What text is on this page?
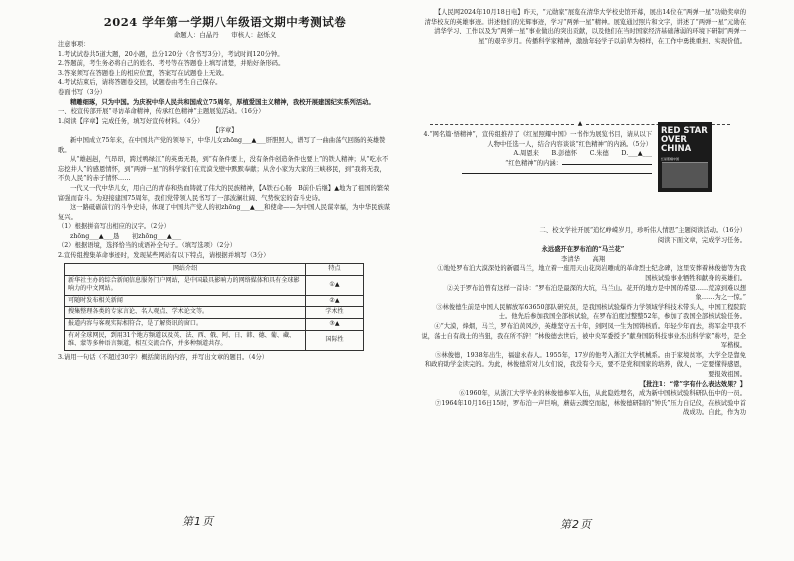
2024 学年第一学期八年级语文期中考测试卷
命题人：白晶丹　　审核人：赵烁义
注意事项：
1.考试试卷共5道大题，20小题，总分120分（含书写3分），考试时间120分钟。
2.答题前，考生务必将自己的姓名、考号等在答题卷上填写清楚，并贴好条形码。
3.答案须写在答题卷上的相应位置，答案写在试题卷上无效。
4.考试结束后，请将答题卷交回，试题卷由考生自己保存。
卷面书写（3分）
精雕细琢，只为中国。为庆祝中华人民共和国成立75周年，厚植爱国主义精神，我校开展建国纪实系列活动。
一、校宣传部开展“寻访革命精神，传承红色精神”主题展览活动。（16分）
1.阅读【序章】完成任务，填写好宣传材料。（4分）
【序章】
新中国成立75年来，在中国共产党的领导下，中华儿女zhōng___▲___肝胆照人，谱写了一曲曲荡气回肠的英雄赞歌。
从“雄赳赳，气昂昂，跨过鸭绿江”的英勇无畏，到“有条件要上，没有条件创造条件也要上”的铁人精神；从“吃水不忘挖井人”的感恩情怀，到“两弹一星”的科学家们在荒漠戈壁中默默奉献；从舍小家为大家的三峡移民，到“我将无我，不负人民”的赤子情怀……
一代又一代中华儿女，用自己的青春和热血铸就了伟大的民族精神，【A铁石心肠　B前仆后继】▲地为了祖国的繁荣富强而奋斗。为迎接建国75周年，我们党带领人民书写了一部波澜壮阔、气势恢宏的奋斗史诗。
这一路砥砺前行的斗争史诗，体现了中国共产党人的初zhōng___▲___和使命——为中国人民谋幸福，为中华民族谋复兴。
（1）根据拼音写出相应的汉字。（2分）
zhōng___▲___恳　　初zhōng___▲___
（2）根据语境，选择恰当的成语补全句子。（填写选项）（2分）
2.宣传组搜集革命事迹时，发现某些网站有以下特点，请根据并填写（3分）
网站介绍	特点
新华社主办的综合新闻信息服务门户网站，是中国最具影响力的网络媒体和具有全球影响力的中文网站。	①▲
可随时发布相关新闻	②▲
搜集整理各类的专家言论、名人观点、学术论文等。	学术性
报道内容与客观实际相符合，是了解资讯的窗口。	③▲
有对全球网民，到用31个地方频道以及英、法、西、俄、阿、日、韩、德、葡、藏、维、蒙等多种语言频道，相互交流合作，并多种频道共存。	国际性
3.请用一句话（不超过30字）概括简讯的内容，并写出文章的题目。（4分）
第1页
【人民网2024年10月18日电】昨天，“元勋家”展览在清华大学校史馆开幕，展出14位在“两弹一星”功勋奖章的清华校友的英雄事迹。讲述他们的光辉事迹，学习“两弹一星”精神。展览通过照片和文字，讲述了“两弹一星”元勋在清华学习、工作以及为“两弹一星”事业做出的突出贡献，以及他们在当时国家经济基础薄弱的环境下研制“两弹一星”的艰辛岁月。传播科学家精神，激励年轻学子以前辈为榜样，在工作中勇挑重担、实现价值。
▲
4.“网名篇·悟精神”，宣传组推荐了《红星照耀中国》一书作为展览书目，请从以下人物中任选一人，结合内容谈谈“红色精神”的内涵。（5分）
A.周恩来　　B.彭德怀　　C.朱德　　D.___▲___
“红色精神”的内涵：
RED STAR OVER CHINA
红星照耀中国
二、校文学社开展“追忆峥嵘岁月，珍听伟人情思”主题阅读活动。（16分）
阅读下面文章，完成学习任务。
永远盛开在罗布泊的“马兰花”
李清华　　高翔
①地处罗布泊大漠深处的新疆马兰，地立着一座用天山花岗岩雕成的革命烈士纪念碑，这里安葬着林俊德等为我国核试验事业牺牲和献身的英雄们。
②关于罗布泊曾有这样一首诗：“罗布泊是最深的大坑，马兰山。花开的地方是中国的希望……荒凉到难以想象……为之一惊。”
③林俊德生前是中国人民解放军63650部队研究员，是我国核试验爆炸力学领域学科技术带头人，中国工程院院士。他先后参加我国全部核试验，在罗布泊度过整整52年，参加了我国全部核试验任务。
④“大漠，烽烟，马兰，罗布泊黄风沙，英雄坚守五十年，剑阿凤一生为国铸核盾。年轻少年而去，将军金甲我不说，荡士自有战士的当狙，我在所不辞！”林俊德去世后，被中央军委授予“献身国防科技事业杰出科学家”称号，是全军楷模。
⑤林俊德，1938年出生，福建永春人。1955年，17岁的他考入浙江大学机械系。由于家境贫寒，大学全是靠免和政府助学金读完的。为此，林俊德常对儿女们说，我没有今天，要不是党和国家的培养，做人，一定要懂得感恩，要报效祖国。
【批注1：“常”字有什么表达效果？】
⑥1960年，从浙江大学毕业的林俊德参军入伍，从此隐姓埋名，成为新中国核试验科研队伍中的一员。
⑦1964年10月16日15时，罗布泊一声巨响，蘑菇云腾空而起，林俊德研制的“钟氏”压力自记仪，在核试验中首战成功。自此，作为功
第2页
